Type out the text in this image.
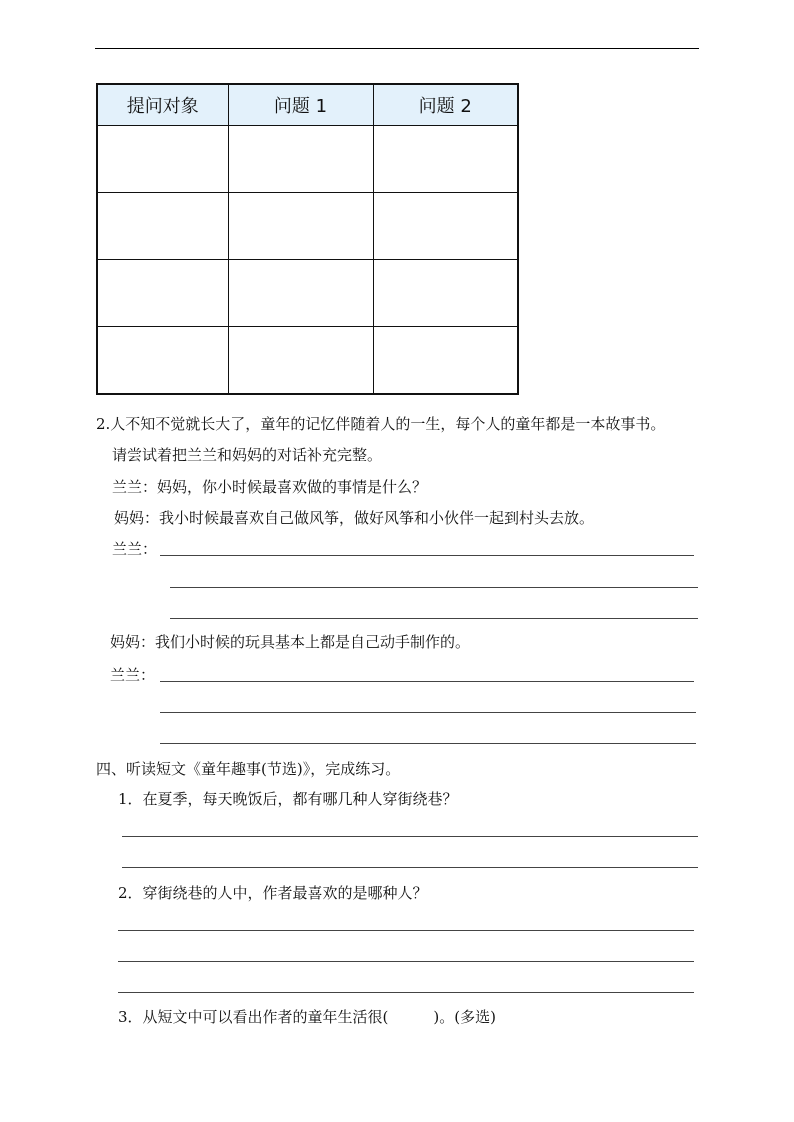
提问对象	问题 1	问题 2

2.人不知不觉就长大了，童年的记忆伴随着人的一生，每个人的童年都是一本故事书。
请尝试着把兰兰和妈妈的对话补充完整。
兰兰：妈妈，你小时候最喜欢做的事情是什么？
妈妈：我小时候最喜欢自己做风筝，做好风筝和小伙伴一起到村头去放。
兰兰：
妈妈：我们小时候的玩具基本上都是自己动手制作的。
兰兰：
四、听读短文《童年趣事(节选)》，完成练习。
1．在夏季，每天晚饭后，都有哪几种人穿街绕巷？
2．穿街绕巷的人中，作者最喜欢的是哪种人？
3．从短文中可以看出作者的童年生活很(　　　)。(多选)
